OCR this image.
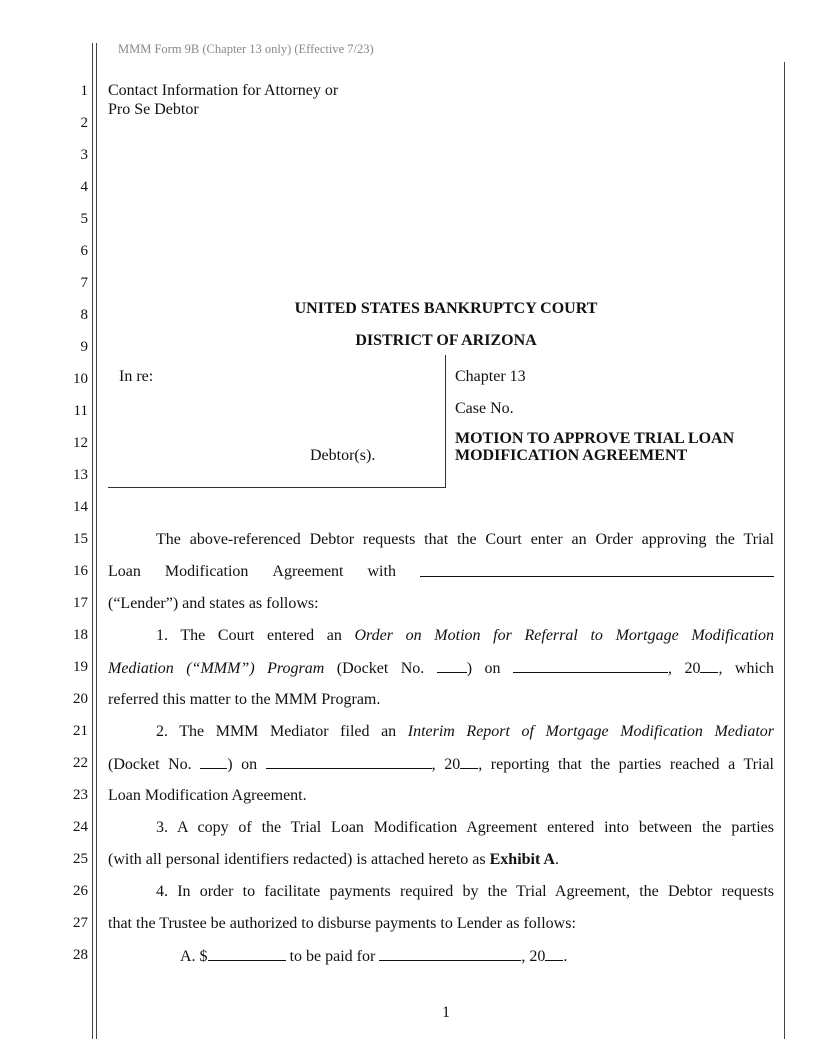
MMM Form 9B (Chapter 13 only) (Effective 7/23)
1
2
3
4
5
6
7
8
9
10
11
12
13
14
15
16
17
18
19
20
21
22
23
24
25
26
27
28
Contact Information for Attorney or
Pro Se Debtor
UNITED STATES BANKRUPTCY COURT
DISTRICT OF ARIZONA
In re:
Debtor(s).
Chapter 13
Case No.
MOTION TO APPROVE TRIAL LOAN
MODIFICATION AGREEMENT
The above-referenced Debtor requests that the Court enter an Order approving the Trial
Loan Modification Agreement with
(“Lender”) and states as follows:
1. The Court entered an Order on Motion for Referral to Mortgage Modification
Mediation (“MMM”) Program (Docket No. ) on	, 20 , which
referred this matter to the MMM Program.
2. The MMM Mediator filed an Interim Report of Mortgage Modification Mediator
(Docket No. ) on	, 20 , reporting that the parties reached a Trial
Loan Modification Agreement.
3. A copy of the Trial Loan Modification Agreement entered into between the parties
(with all personal identifiers redacted) is attached hereto as Exhibit A.
4. In order to facilitate payments required by the Trial Agreement, the Debtor requests
that the Trustee be authorized to disburse payments to Lender as follows:
A. $	to be paid for	, 20 .
1
